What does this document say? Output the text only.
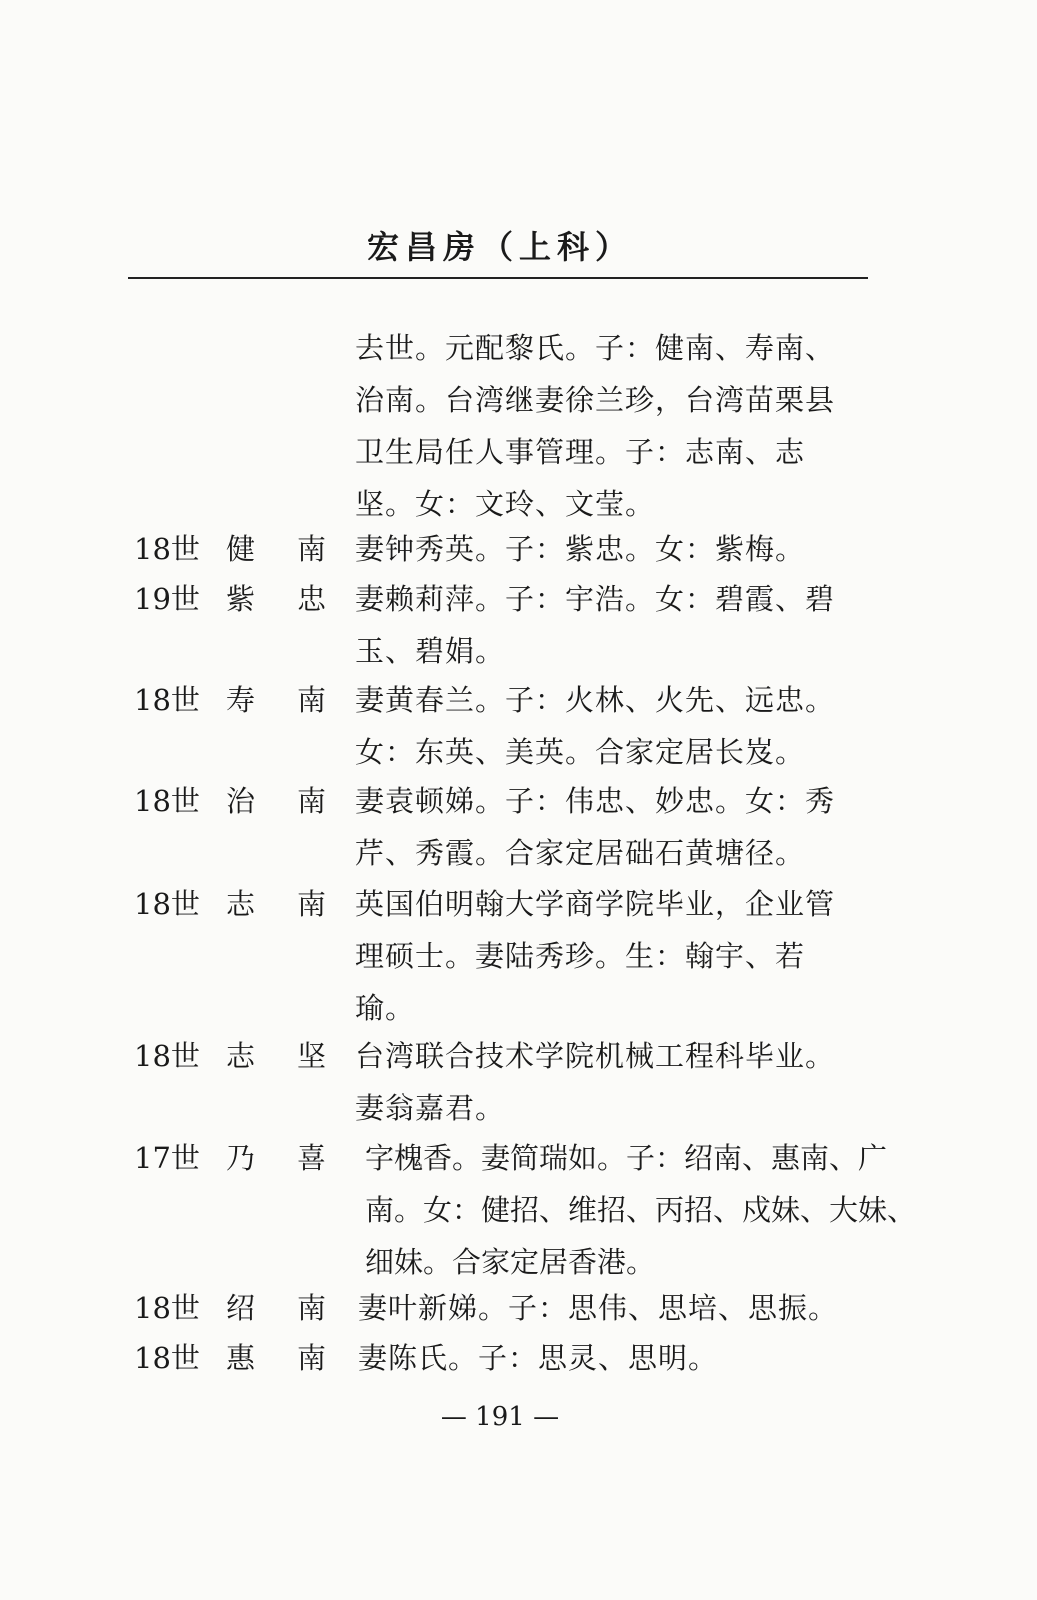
宏昌房（上科）
去世。元配黎氏。子：健南、寿南、
治南。台湾继妻徐兰珍，台湾苗栗县
卫生局任人事管理。子：志南、志
坚。女：文玲、文莹。
18世 健 南 妻钟秀英。子：紫忠。女：紫梅。
19世 紫 忠 妻赖莉萍。子：宇浩。女：碧霞、碧
玉、碧娟。
18世 寿 南 妻黄春兰。子：火林、火先、远忠。
女：东英、美英。合家定居长岌。
18世 治 南 妻袁顿娣。子：伟忠、妙忠。女：秀
芹、秀霞。合家定居础石黄塘径。
18世 志 南 英国伯明翰大学商学院毕业，企业管
理硕士。妻陆秀珍。生：翰宇、若
瑜。
18世 志 坚 台湾联合技术学院机械工程科毕业。
妻翁嘉君。
17世 乃 喜 字槐香。妻简瑞如。子：绍南、惠南、广
南。女：健招、维招、丙招、戍妹、大妹、
细妹。合家定居香港。
18世 绍 南 妻叶新娣。子：思伟、思培、思振。
18世 惠 南 妻陈氏。子：思灵、思明。
— 191 —
